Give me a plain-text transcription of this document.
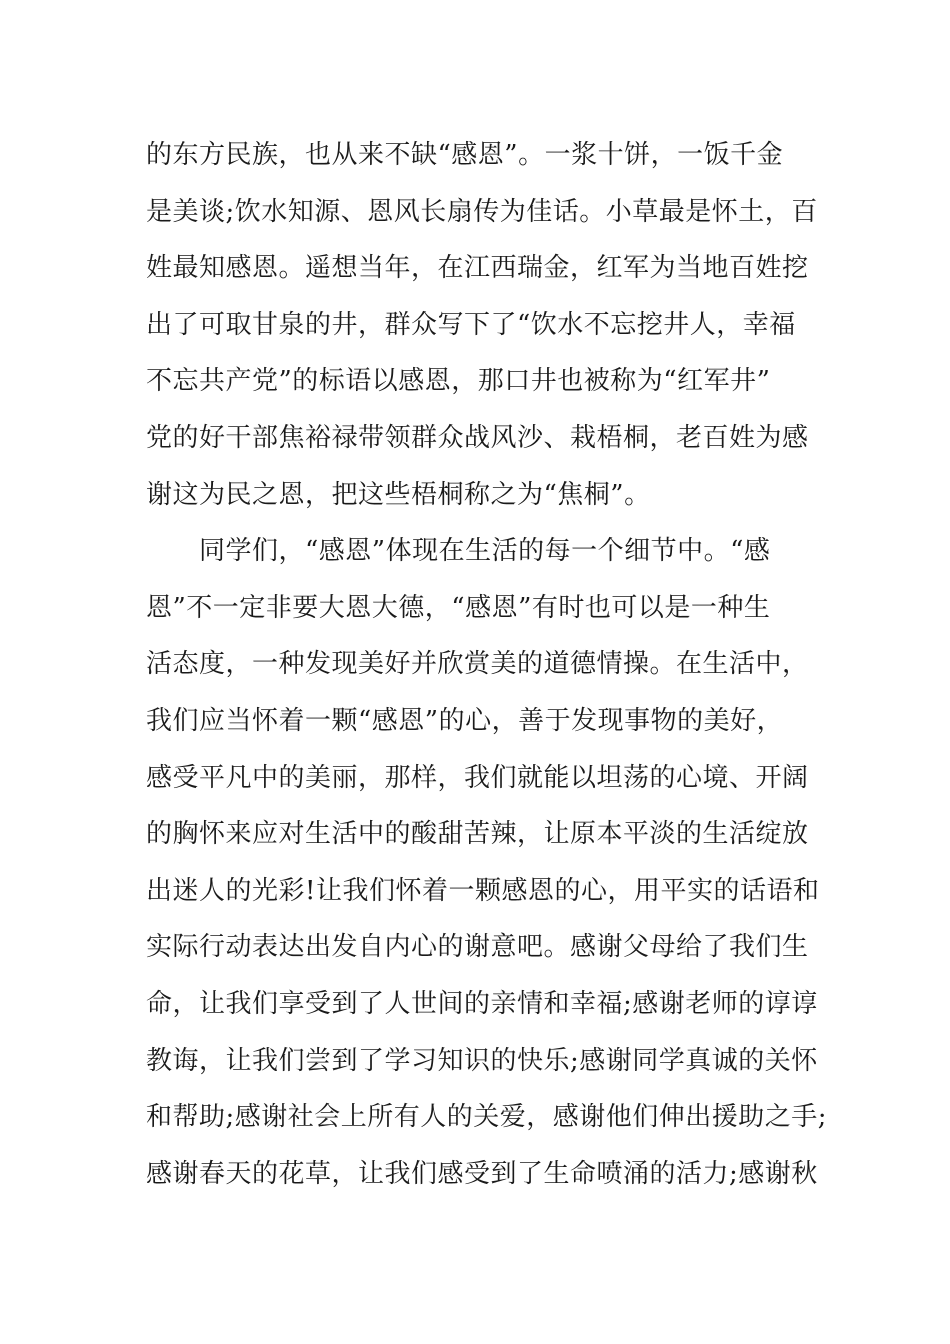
的东方民族，也从来不缺“感恩”。一浆十饼，一饭千金
是美谈;饮水知源、恩风长扇传为佳话。小草最是怀土，百
姓最知感恩。遥想当年，在江西瑞金，红军为当地百姓挖
出了可取甘泉的井，群众写下了“饮水不忘挖井人，幸福
不忘共产党”的标语以感恩，那口井也被称为“红军井”
党的好干部焦裕禄带领群众战风沙、栽梧桐，老百姓为感
谢这为民之恩，把这些梧桐称之为“焦桐”。
　　同学们，“感恩”体现在生活的每一个细节中。“感
恩”不一定非要大恩大德，“感恩”有时也可以是一种生
活态度，一种发现美好并欣赏美的道德情操。在生活中，
我们应当怀着一颗“感恩”的心，善于发现事物的美好，
感受平凡中的美丽，那样，我们就能以坦荡的心境、开阔
的胸怀来应对生活中的酸甜苦辣，让原本平淡的生活绽放
出迷人的光彩!让我们怀着一颗感恩的心，用平实的话语和
实际行动表达出发自内心的谢意吧。感谢父母给了我们生
命，让我们享受到了人世间的亲情和幸福;感谢老师的谆谆
教诲，让我们尝到了学习知识的快乐;感谢同学真诚的关怀
和帮助;感谢社会上所有人的关爱，感谢他们伸出援助之手;
感谢春天的花草，让我们感受到了生命喷涌的活力;感谢秋
